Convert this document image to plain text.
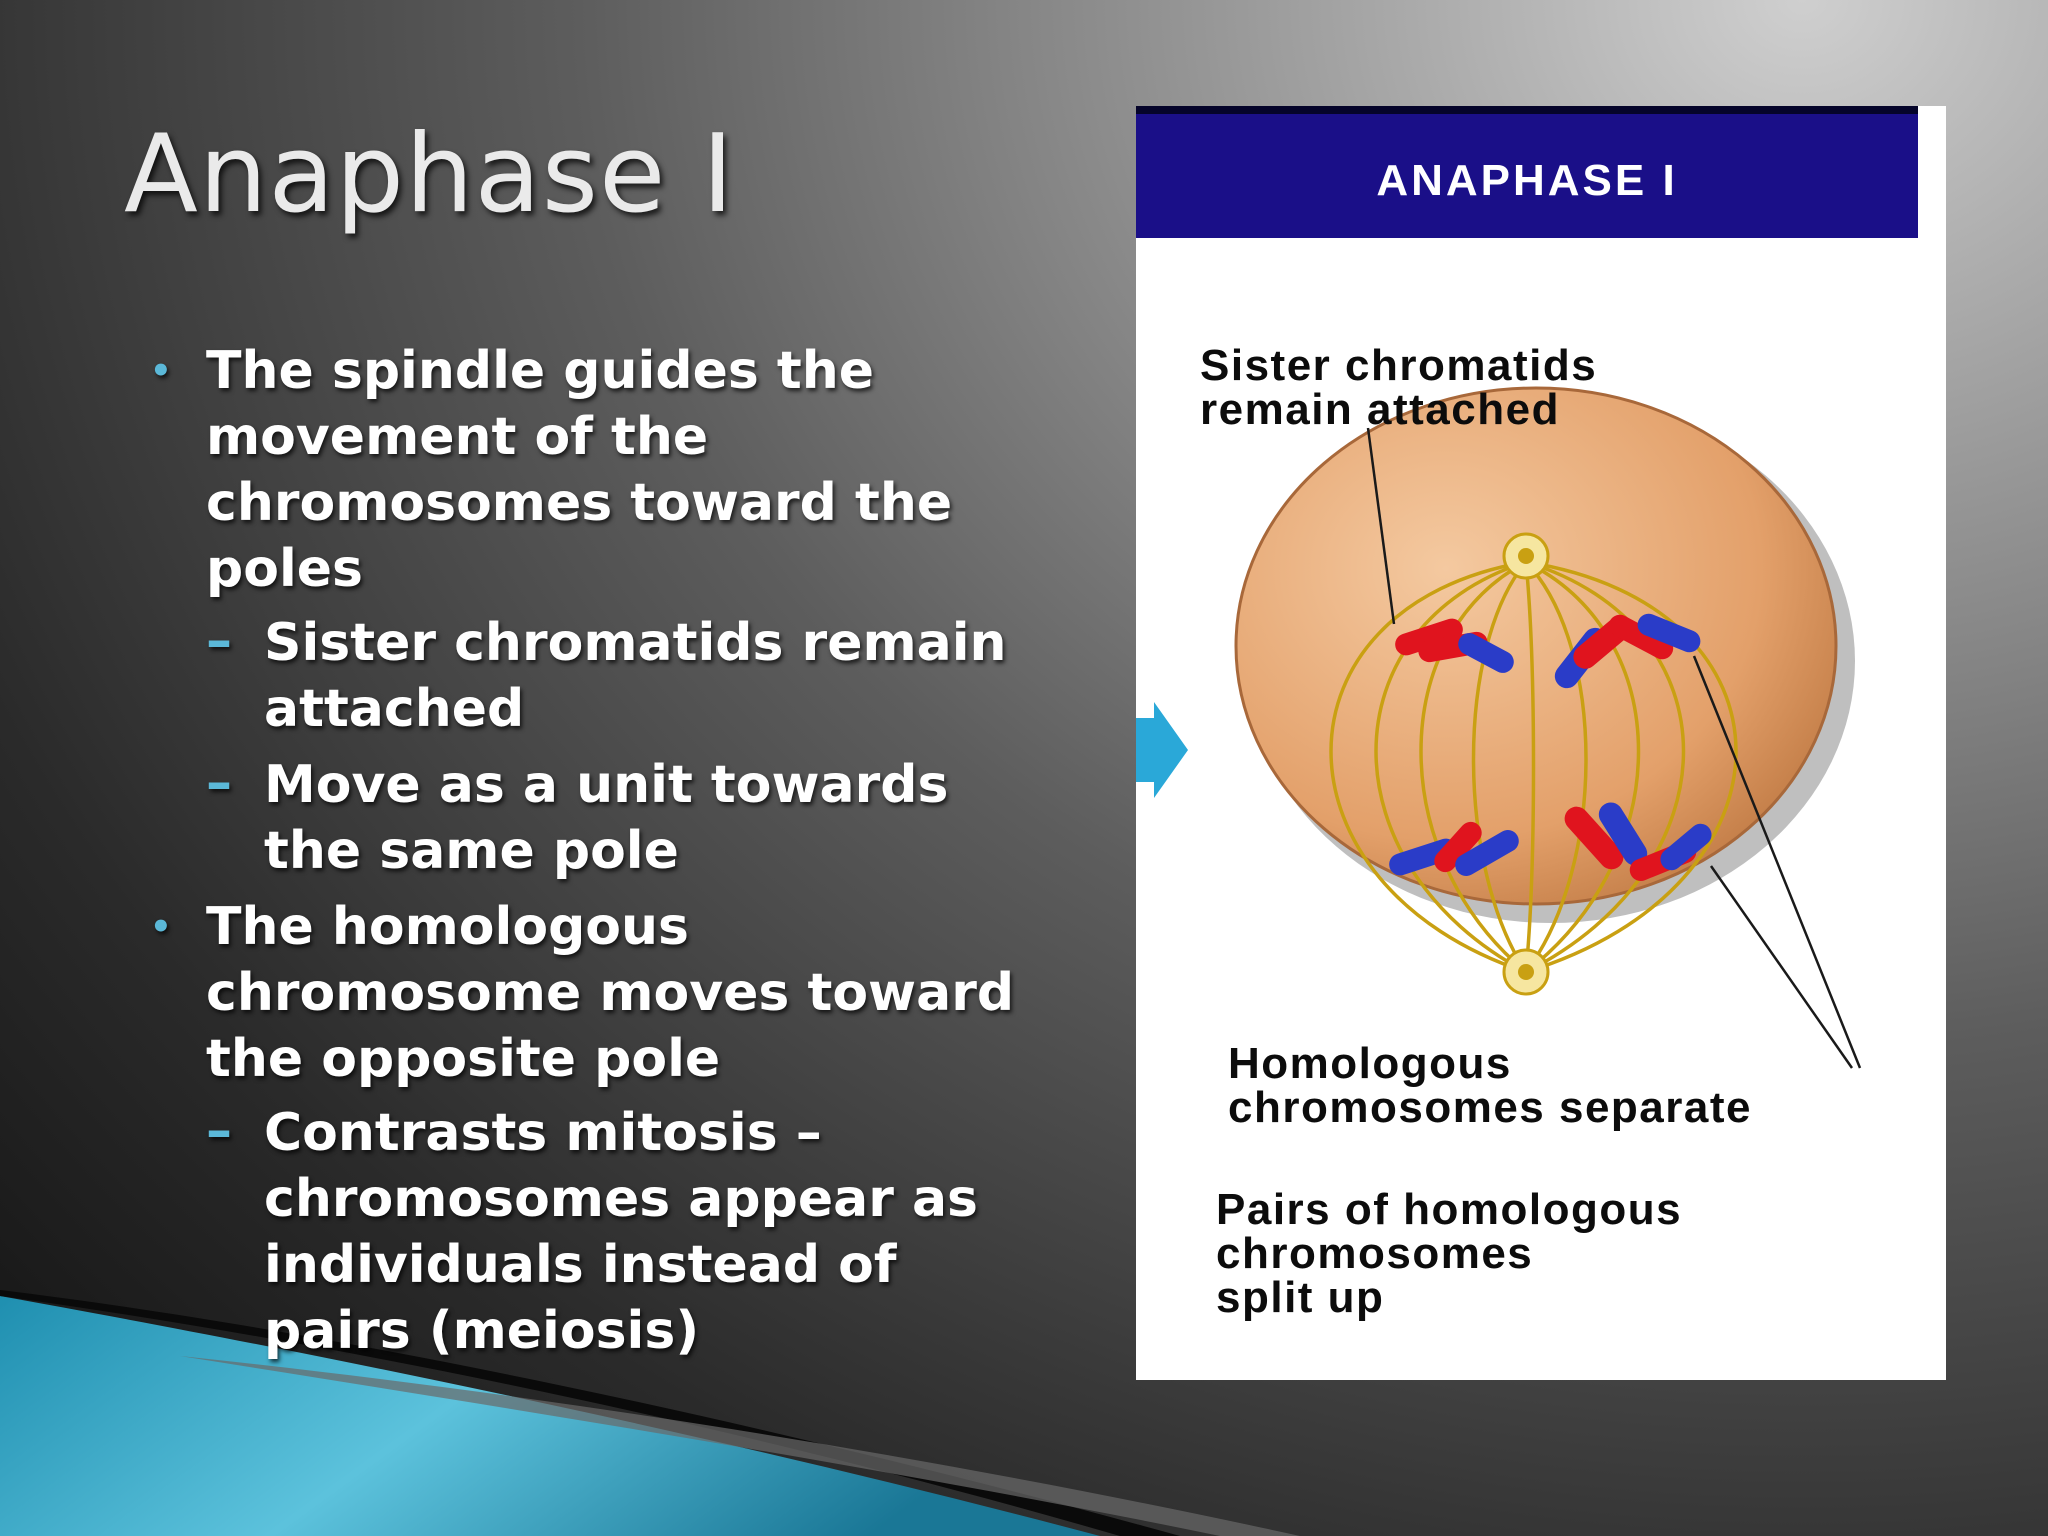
Anaphase I
• The spindle guides the movement of the chromosomes toward the poles
– Sister chromatids remain attached
– Move as a unit towards the same pole
• The homologous chromosome moves toward the opposite pole
– Contrasts mitosis – chromosomes appear as individuals instead of pairs (meiosis)
ANAPHASE I
Sister chromatids
remain attached
Homologous
chromosomes separate
Pairs of homologous
chromosomes
split up
